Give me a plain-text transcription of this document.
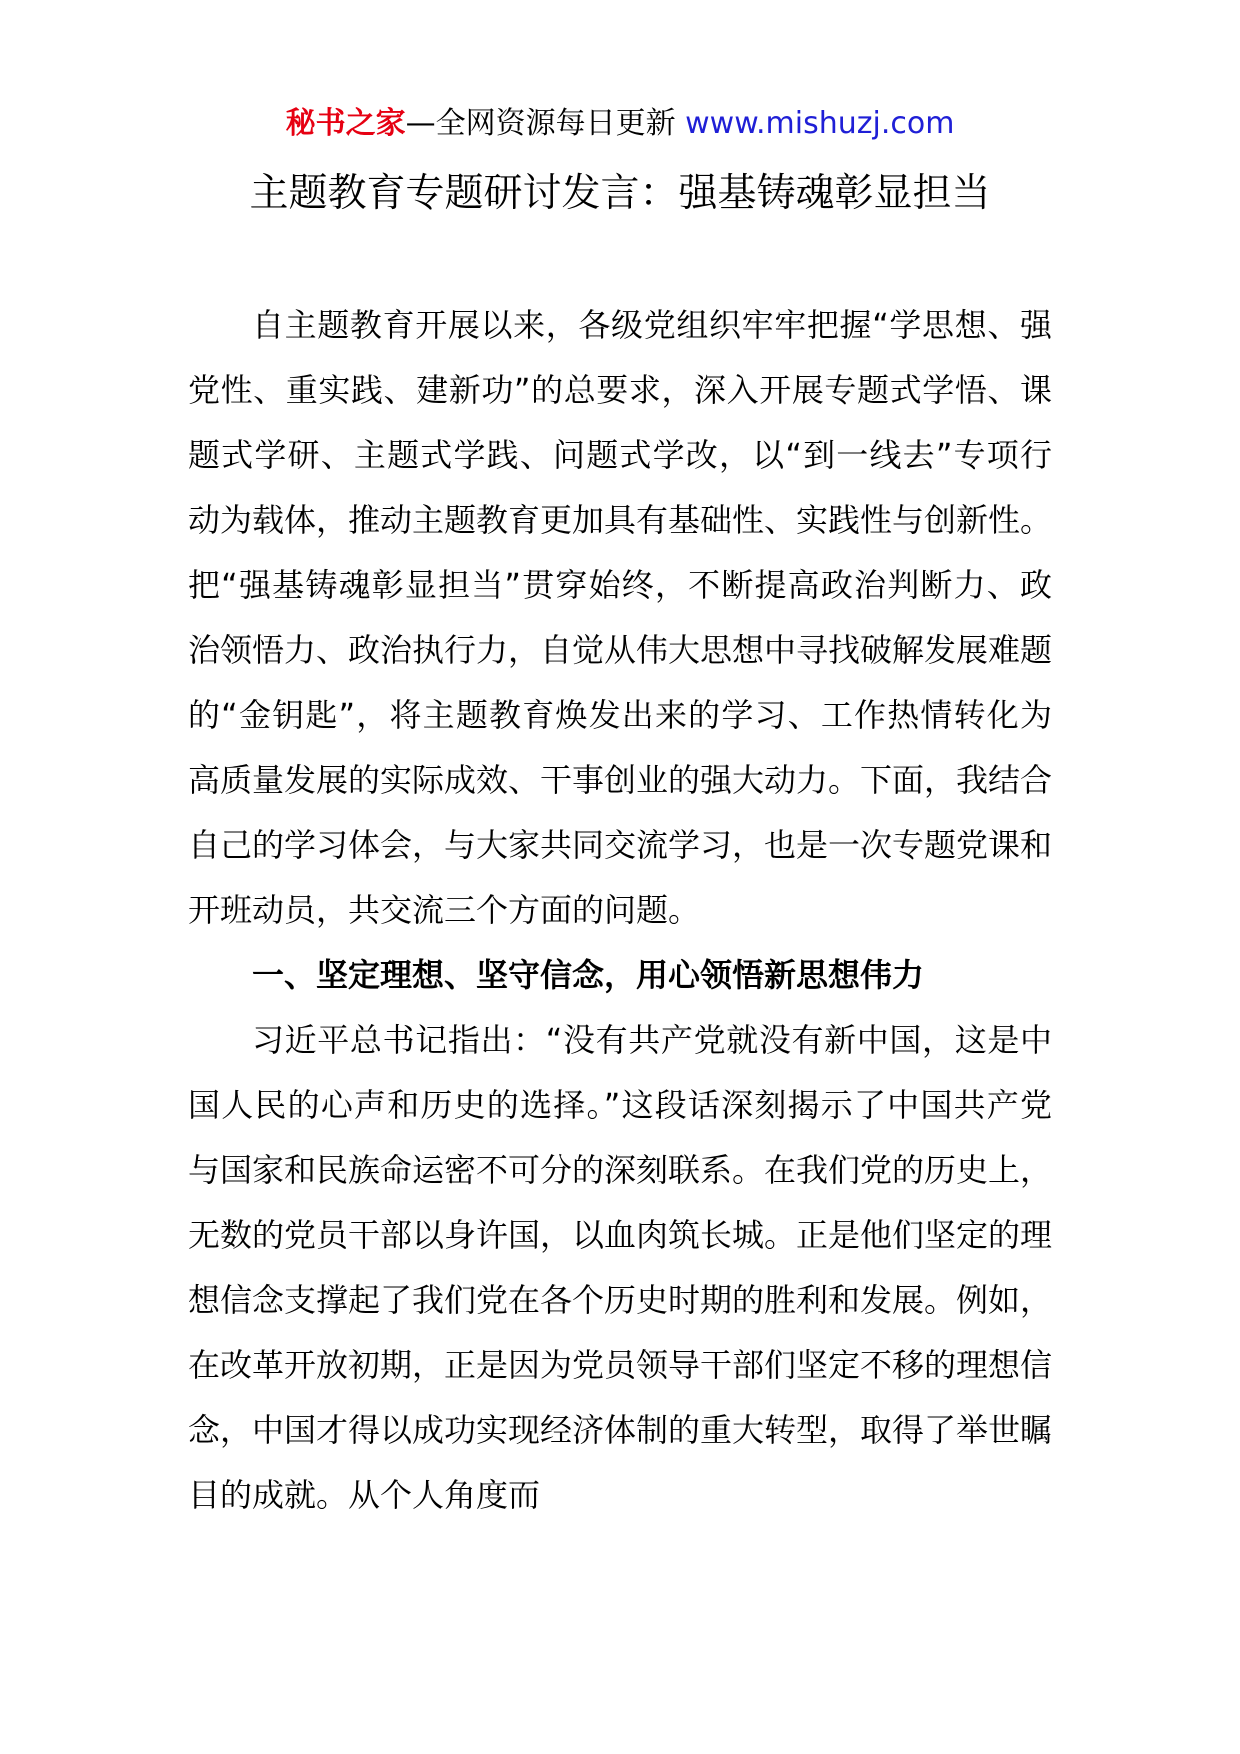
秘书之家—全网资源每日更新 www.mishuzj.com
主题教育专题研讨发言：强基铸魂彰显担当

自主题教育开展以来，各级党组织牢牢把握“学思想、强党性、重实践、建新功”的总要求，深入开展专题式学悟、课题式学研、主题式学践、问题式学改，以“到一线去”专项行动为载体，推动主题教育更加具有基础性、实践性与创新性。把“强基铸魂彰显担当”贯穿始终，不断提高政治判断力、政治领悟力、政治执行力，自觉从伟大思想中寻找破解发展难题的“金钥匙”，将主题教育焕发出来的学习、工作热情转化为高质量发展的实际成效、干事创业的强大动力。下面，我结合自己的学习体会，与大家共同交流学习，也是一次专题党课和开班动员，共交流三个方面的问题。

一、坚定理想、坚守信念，用心领悟新思想伟力

习近平总书记指出：“没有共产党就没有新中国，这是中国人民的心声和历史的选择。”这段话深刻揭示了中国共产党与国家和民族命运密不可分的深刻联系。在我们党的历史上，无数的党员干部以身许国，以血肉筑长城。正是他们坚定的理想信念支撑起了我们党在各个历史时期的胜利和发展。例如，在改革开放初期，正是因为党员领导干部们坚定不移的理想信念，中国才得以成功实现经济体制的重大转型，取得了举世瞩目的成就。从个人角度而
